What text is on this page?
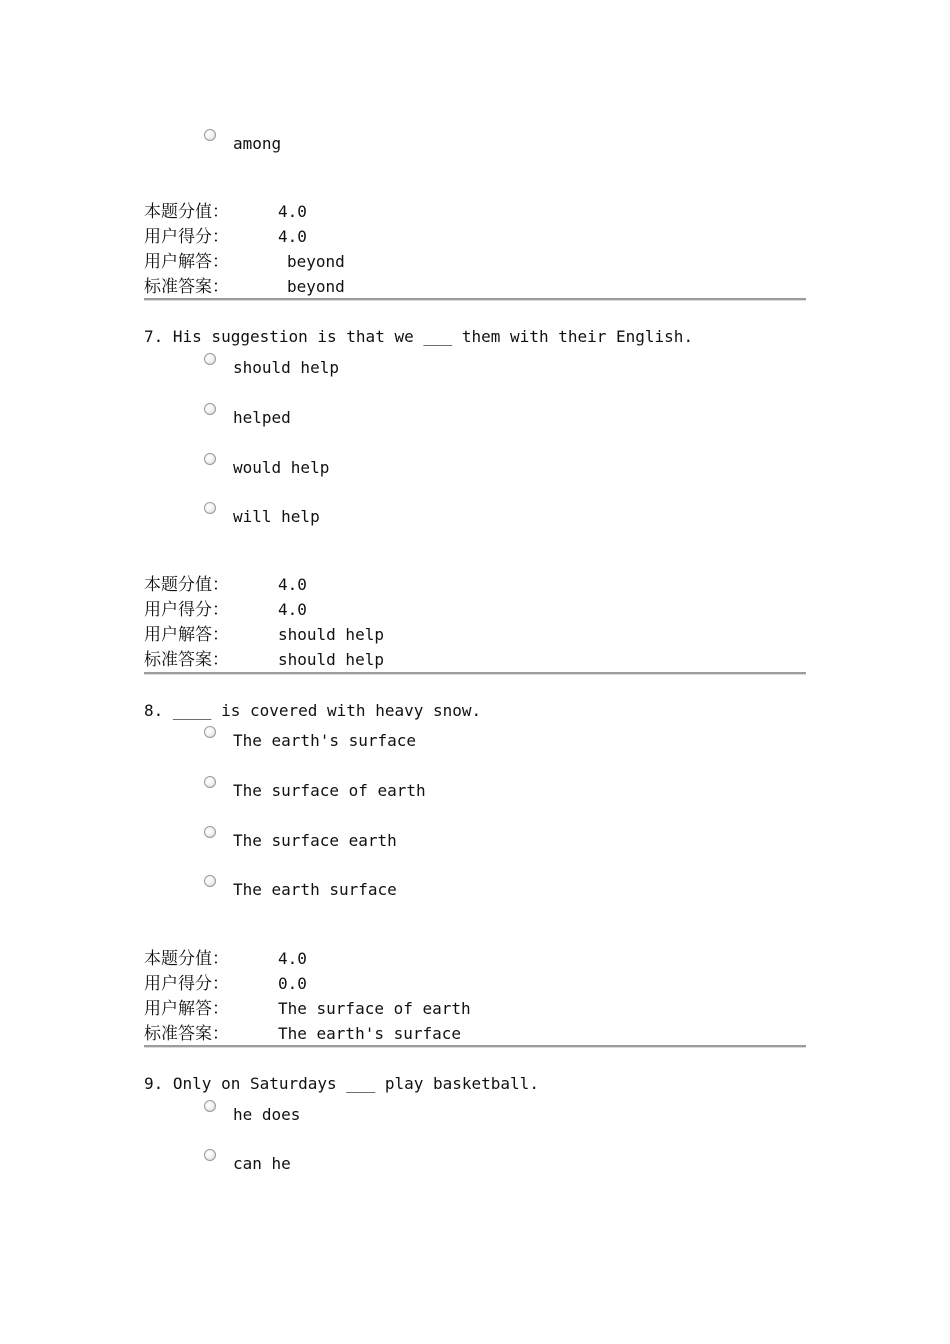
among
本题分值：	4.0
用户得分：	4.0
用户解答：	beyond
标准答案：	beyond
7. His suggestion is that we ___ them with their English.
should help
helped
would help
will help
本题分值：	4.0
用户得分：	4.0
用户解答：	should help
标准答案：	should help
8. ____ is covered with heavy snow.
The earth's surface
The surface of earth
The surface earth
The earth surface
本题分值：	4.0
用户得分：	0.0
用户解答：	The surface of earth
标准答案：	The earth's surface
9. Only on Saturdays ___ play basketball.
he does
can he
